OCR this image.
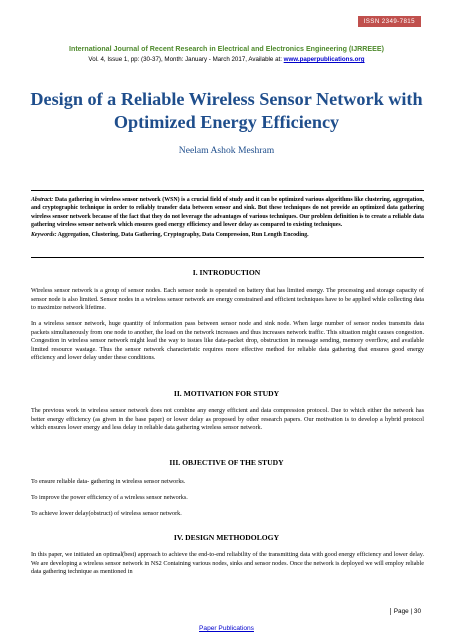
ISSN 2349-7815
International Journal of Recent Research in Electrical and Electronics Engineering (IJRREEE)
Vol. 4, Issue 1, pp: (30-37), Month: January - March 2017, Available at: www.paperpublications.org
Design of a Reliable Wireless Sensor Network with Optimized Energy Efficiency
Neelam Ashok Meshram

Abstract: Data gathering in wireless sensor network (WSN) is a crucial field of study and it can be optimized various algorithms like clustering, aggregation, and cryptographic technique in order to reliably transfer data between sensor and sink. But these techniques do not provide an optimized data gathering wireless sensor network because of the fact that they do not leverage the advantages of various techniques. Our problem definition is to create a reliable data gathering wireless sensor network which ensures good energy efficiency and lower delay as compared to existing techniques.

Keywords: Aggregation, Clustering, Data Gathering, Cryptography, Data Compression, Run Length Encoding.

I. INTRODUCTION

Wireless sensor network is a group of sensor nodes. Each sensor node is operated on battery that has limited energy. The processing and storage capacity of sensor node is also limited. Sensor nodes in a wireless sensor network are energy constrained and efficient techniques have to be applied while collecting data to maximize network lifetime.

In a wireless sensor network, huge quantity of information pass between sensor node and sink node. When large number of sensor nodes transmits data packets simultaneously from one node to another, the load on the network increases and thus increases network traffic. This situation might causes congestion. Congestion in wireless sensor network might lead the way to issues like data-packet drop, obstruction in message sending, memory overflow, and available limited resource wastage. Thus the sensor network characteristic requires more effective method for reliable data gathering that ensures good energy efficiency and lower delay under these conditions.

II. MOTIVATION FOR STUDY

The previous work in wireless sensor network does not combine any energy efficient and data compression protocol. Due to which either the network has better energy efficiency (as given in the base paper) or lower delay as proposed by other research papers. Our motivation is to develop a hybrid protocol which ensures lower energy and less delay in reliable data gathering wireless sensor network.

III. OBJECTIVE OF THE STUDY

To ensure reliable data- gathering in wireless sensor networks.

To improve the power efficiency of a wireless sensor networks.

To achieve lower delay(obstruct) of wireless sensor network.

IV. DESIGN METHODOLOGY

In this paper, we initiated an optimal(best) approach to achieve the end-to-end reliability of the transmitting data with good energy efficiency and lower delay. We are developing a wireless sensor network in NS2 Containing various nodes, sinks and sensor nodes. Once the network is deployed we will employ reliable data gathering technique as mentioned in

Page | 30
Paper Publications
